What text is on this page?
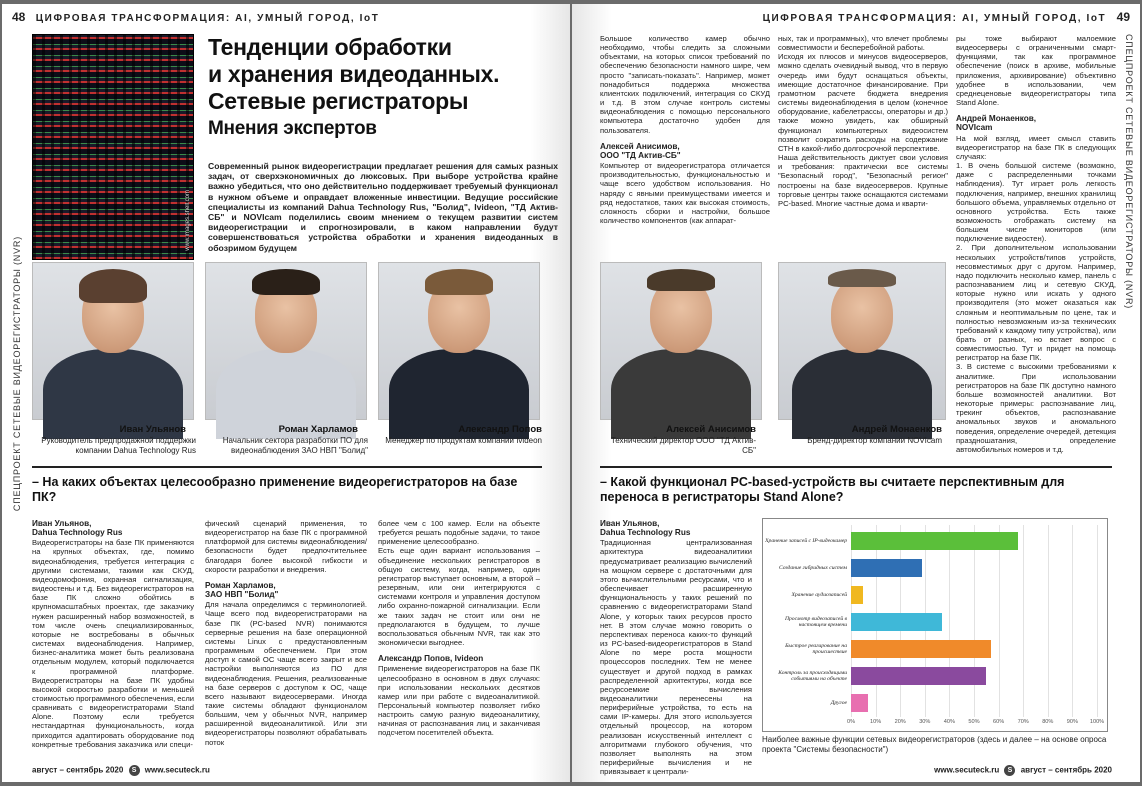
48 ЦИФРОВАЯ ТРАНСФОРМАЦИЯ: AI, УМНЫЙ ГОРОД, IoT
СПЕЦПРОЕКТ СЕТЕВЫЕ ВИДЕОРЕГИСТРАТОРЫ (NVR)
www.images.shell.com
Тенденции обработки
и хранения видеоданных.
Сетевые регистраторы
Мнения экспертов
Современный рынок видеорегистрации предлагает решения для самых разных задач, от сверхэкономичных до люксовых. При выборе устройства крайне важно убедиться, что оно действительно поддерживает требуемый функционал в нужном объеме и оправдает вложенные инвестиции. Ведущие российские специалисты из компаний Dahua Technology Rus, "Болид", Ivideon, "ТД Актив-СБ" и NOVIcam поделились своим мнением о текущем развитии систем видеорегистрации и спрогнозировали, в каком направлении будут совершенствоваться устройства обработки и хранения видеоданных в обозримом будущем
Иван Ульянов
Руководитель предпродажной поддержки компании Dahua Technology Rus
Роман Харламов
Начальник сектора разработки ПО для видеонаблюдения ЗАО НВП "Болид"
Александр Попов
Менеджер по продуктам компании Ivideon
– На каких объектах целесообразно применение видеорегистраторов на базе ПК?
Иван Ульянов,
Dahua Technology Rus
Видеорегистраторы на базе ПК применяются на крупных объектах, где, помимо видеонаблюдения, требуется интеграция с другими системами, такими как СКУД, видеодомофония, охранная сигнализация, видеостены и т.д. Без видеорегистраторов на базе ПК сложно обойтись в крупномасштабных проектах, где заказчику нужен расширенный набор возможностей, в том числе очень специализированных, которые не востребованы в обычных системах видеонаблюдения. Например, бизнес-аналитика может быть реализована отдельным модулем, который подключается к программной платформе. Видеорегистраторы на базе ПК удобны высокой скоростью разработки и меньшей стоимостью программного обеспечения, если сравнивать с видеорегистраторами Stand Alone. Поэтому если требуется нестандартная функциональность, когда приходится адаптировать оборудование под конкретные требования заказчика или специ-
фический сценарий применения, то видеорегистратор на базе ПК с программной платформой для системы видеонаблюдения/безопасности будет предпочтительнее благодаря более высокой гибкости и скорости разработки и внедрения.
Роман Харламов,
ЗАО НВП "Болид"
Для начала определимся с терминологией. Чаще всего под видеорегистраторами на базе ПК (PC-based NVR) понимаются серверные решения на базе операционной системы Linux с предустановленным программным обеспечением. При этом доступ к самой ОС чаще всего закрыт и все настройки выполняются из ПО для видеонаблюдения. Решения, реализованные на базе серверов с доступом к ОС, чаще всего называют видеосерверами. Иногда такие системы обладают функционалом большим, чем у обычных NVR, например расширенной видеоаналитикой. Или эти видеорегистраторы позволяют обрабатывать поток
более чем с 100 камер. Если на объекте требуется решать подобные задачи, то такое применение целесообразно.
Есть еще один вариант использования – объединение нескольких регистраторов в общую систему, когда, например, один регистратор выступает основным, а второй – резервным, или они интегрируются с системами контроля и управления доступом либо охранно-пожарной сигнализации. Если же таких задач не стоит или они не предполагаются в будущем, то лучше воспользоваться обычным NVR, так как это экономически выгоднее.
Александр Попов, Ivideon
Применение видеорегистраторов на базе ПК целесообразно в основном в двух случаях: при использовании нескольких десятков камер или при работе с видеоаналитикой. Персональный компьютер позволяет гибко настроить самую разную видеоаналитику, начиная от распознавания лиц и заканчивая подсчетом посетителей объекта.
август – сентябрь 2020 S www.secuteck.ru
ЦИФРОВАЯ ТРАНСФОРМАЦИЯ: AI, УМНЫЙ ГОРОД, IoT 49
СПЕЦПРОЕКТ СЕТЕВЫЕ ВИДЕОРЕГИСТРАТОРЫ (NVR)
Большое количество камер обычно необходимо, чтобы следить за сложными объектами, на которых список требований по обеспечению безопасности намного шире, чем просто "записать-показать". Например, может понадобиться поддержка множества клиентских подключений, интеграция со СКУД и т.д. В этом случае контроль системы видеонаблюдения с помощью персонального компьютера достаточно удобен для пользователя.
Алексей Анисимов,
ООО "ТД Актив-СБ"
Компьютер от видеорегистратора отличается производительностью, функциональностью и чаще всего удобством использования. Но наряду с явными преимуществами имеется и ряд недостатков, таких как высокая стоимость, сложность сборки и настройки, большое количество компонентов (как аппарат-
ных, так и программных), что влечет проблемы совместимости и бесперебойной работы.
Исходя их плюсов и минусов видеосерверов, можно сделать очевидный вывод, что в первую очередь ими будут оснащаться объекты, имеющие достаточное финансирование. При грамотном расчете бюджета внедрения системы видеонаблюдения в целом (конечное оборудование, кабелетрассы, операторы и др.) также можно увидеть, как обширный функционал компьютерных видеосистем позволит сократить расходы на содержание СТН в какой-либо долгосрочной перспективе.
Наша действительность диктует свои условия и требования: практически все системы "Безопасный город", "Безопасный регион" построены на базе видеосерверов. Крупные торговые центры также оснащаются системами PC-based. Многие частные дома и кварти-
ры тоже выбирают малоемкие видеосерверы с ограниченными смарт-функциями, так как программное обеспечение (поиск в архиве, мобильные приложения, архивирование) объективно удобнее в использовании, чем среднеценовые видеорегистраторы типа Stand Alone.
Андрей Монаенков,
NOVIcam
На мой взгляд, имеет смысл ставить видеорегистратор на базе ПК в следующих случаях:
1. В очень большой системе (возможно, даже с распределенными точками наблюдения). Тут играет роль легкость подключения, например, внешних хранилищ большого объема, управляемых отдельно от основного устройства. Есть также возможность отображать систему на большем числе мониторов (или подключение видеостен).
2. При дополнительном использовании нескольких устройств/типов устройств, несовместимых друг с другом. Например, надо подключить несколько камер, панель с распознаванием лиц и сетевую СКУД, которые нужно или искать у одного производителя (это может оказаться как сложным и неоптимальным по цене, так и полностью невозможным из-за технических требований к каждому типу устройства), или брать от разных, но встает вопрос с совместимостью. Тут и придет на помощь регистратор на базе ПК.
3. В системе с высокими требованиями к аналитике. При использовании регистраторов на базе ПК доступно намного больше возможностей аналитики. Вот некоторые примеры: распознавание лиц, трекинг объектов, распознавание аномальных звуков и аномального поведения, определение очередей, детекция праздношатания, определение автомобильных номеров и т.д.
Алексей Анисимов
Технический директор ООО "ТД Актив-СБ"
Андрей Монаенков
Бренд-директор компании NOVIcam
– Какой функционал PC-based-устройств вы считаете перспективным для переноса в регистраторы Stand Alone?
Иван Ульянов,
Dahua Technology Rus
Традиционная централизованная архитектура видеоаналитики предусматривает реализацию вычислений на мощном сервере с достаточными для этого вычислительными ресурсами, что и обеспечивает расширенную функциональность у таких решений по сравнению с видеорегистраторами Stand Alone, у которых таких ресурсов просто нет. В этом случае можно говорить о перспективах переноса каких-то функций из PC-based-видеорегистраторов в Stand Alone по мере роста мощности процессоров последних. Тем не менее существует и другой подход в рамках распределенной архитектуры, когда все ресурсоемкие вычисления видеоаналитики перенесены на периферийные устройства, то есть на сами IP-камеры. Для этого используется отдельный процессор, на котором реализован искусственный интеллект с алгоритмами глубокого обучения, что позволяет выполнять на этом периферийные вычисления и не привязывает к централи-
0%	10% 20% 30% 40% 50% 60% 70% 80% 90% 100%
Хранение записей с IP-видеокамер
Создание гибридных систем
Хранение аудиозаписей
Просмотр видеозаписей в настоящем времени
Быстрое реагирование на происшествие
Контроль за происходящими событиями на объекте
Другое
Наиболее важные функции сетевых видеорегистраторов (здесь и далее – на основе опроса проекта "Системы безопасности")
www.secuteck.ru S август – сентябрь 2020
